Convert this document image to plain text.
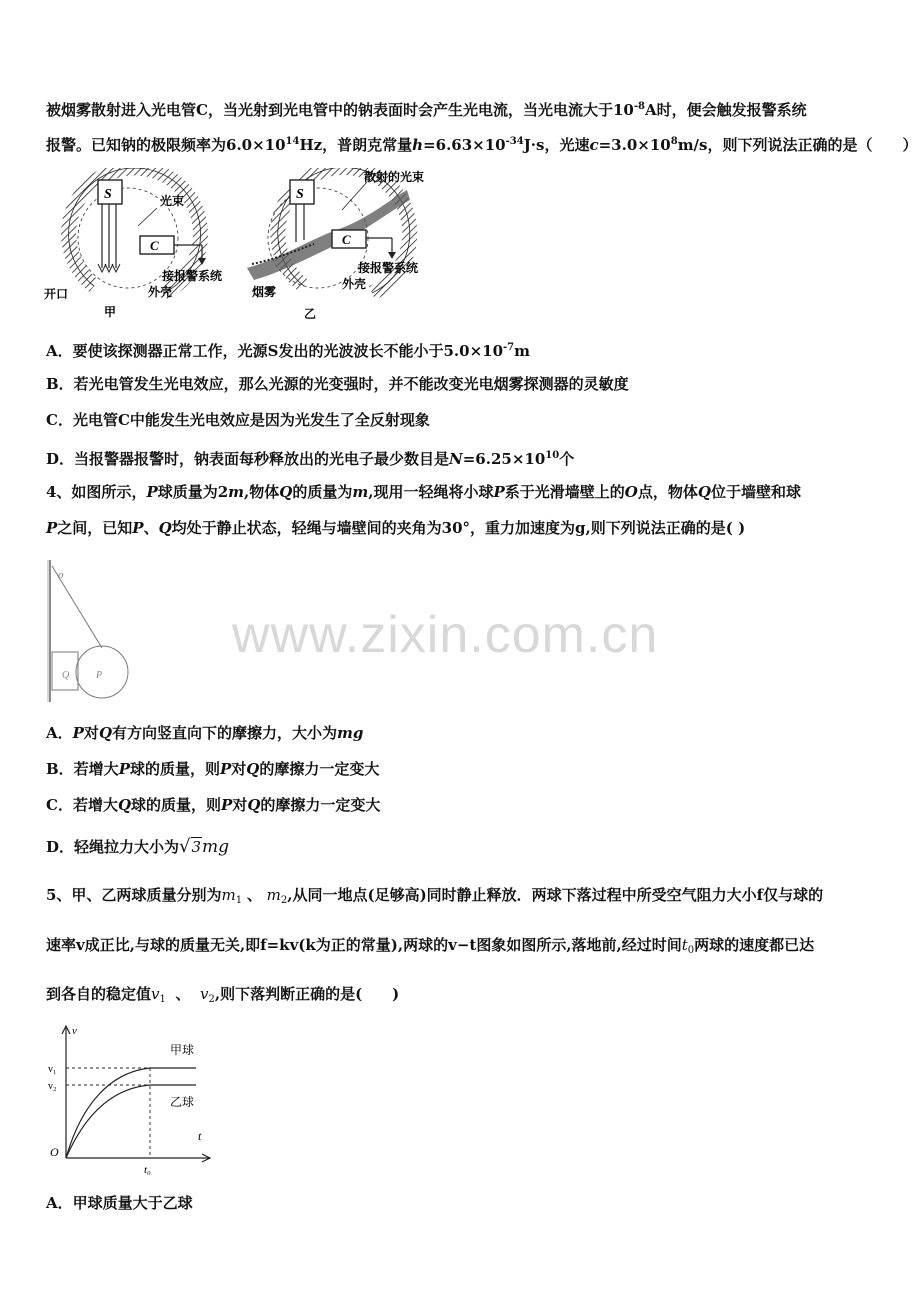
被烟雾散射进入光电管C，当光射到光电管中的钠表面时会产生光电流，当光电流大于$10^{-8}A$时，便会触发报警系统
报警。已知钠的极限频率为$6.0\times 10^{14}Hz$，普朗克常量$h=6.63\times 10^{-34}J\cdot s$，光速$c=3.0\times 10^8m/s$，则下列说法正确的是（　　）
S
C
光束
接报警系统
外壳
开口
甲
S
C
散射的光束
接报警系统
外壳
烟雾
乙
A．要使该探测器正常工作，光源S发出的光波波长不能小于$5.0\times 10^{-7}m$
B．若光电管发生光电效应，那么光源的光变强时，并不能改变光电烟雾探测器的灵敏度
C．光电管C中能发生光电效应是因为光发生了全反射现象
D．当报警器报警时，钠表面每秒释放出的光电子最少数目是$N=6.25\times 10^{10}$个
4、如图所示，P球质量为2m,物体Q的质量为m,现用一轻绳将小球P系于光滑墙壁上的O点，物体Q位于墙壁和球
P之间，已知P、Q均处于静止状态，轻绳与墙壁间的夹角为30°，重力加速度为g,则下列说法正确的是( )
o
Q	P
www.zixin.com.cn
A．P对Q有方向竖直向下的摩擦力，大小为mg
B．若增大P球的质量，则P对Q的摩擦力一定变大
C．若增大Q球的质量，则P对Q的摩擦力一定变大
D．轻绳拉力大小为√3mg
5、甲、乙两球质量分别为$m_1$ 、 $m_2$,从同一地点(足够高)同时静止释放．两球下落过程中所受空气阻力大小f仅与球的
速率v成正比,与球的质量无关,即f=kv(k为正的常量),两球的v−t图象如图所示,落地前,经过时间$t_0$两球的速度都已达
到各自的稳定值$v_1$ 、 $v_2$,则下落判断正确的是(　　)
v
t
O
v₁
v₂
t₀
甲球
乙球
A．甲球质量大于乙球
